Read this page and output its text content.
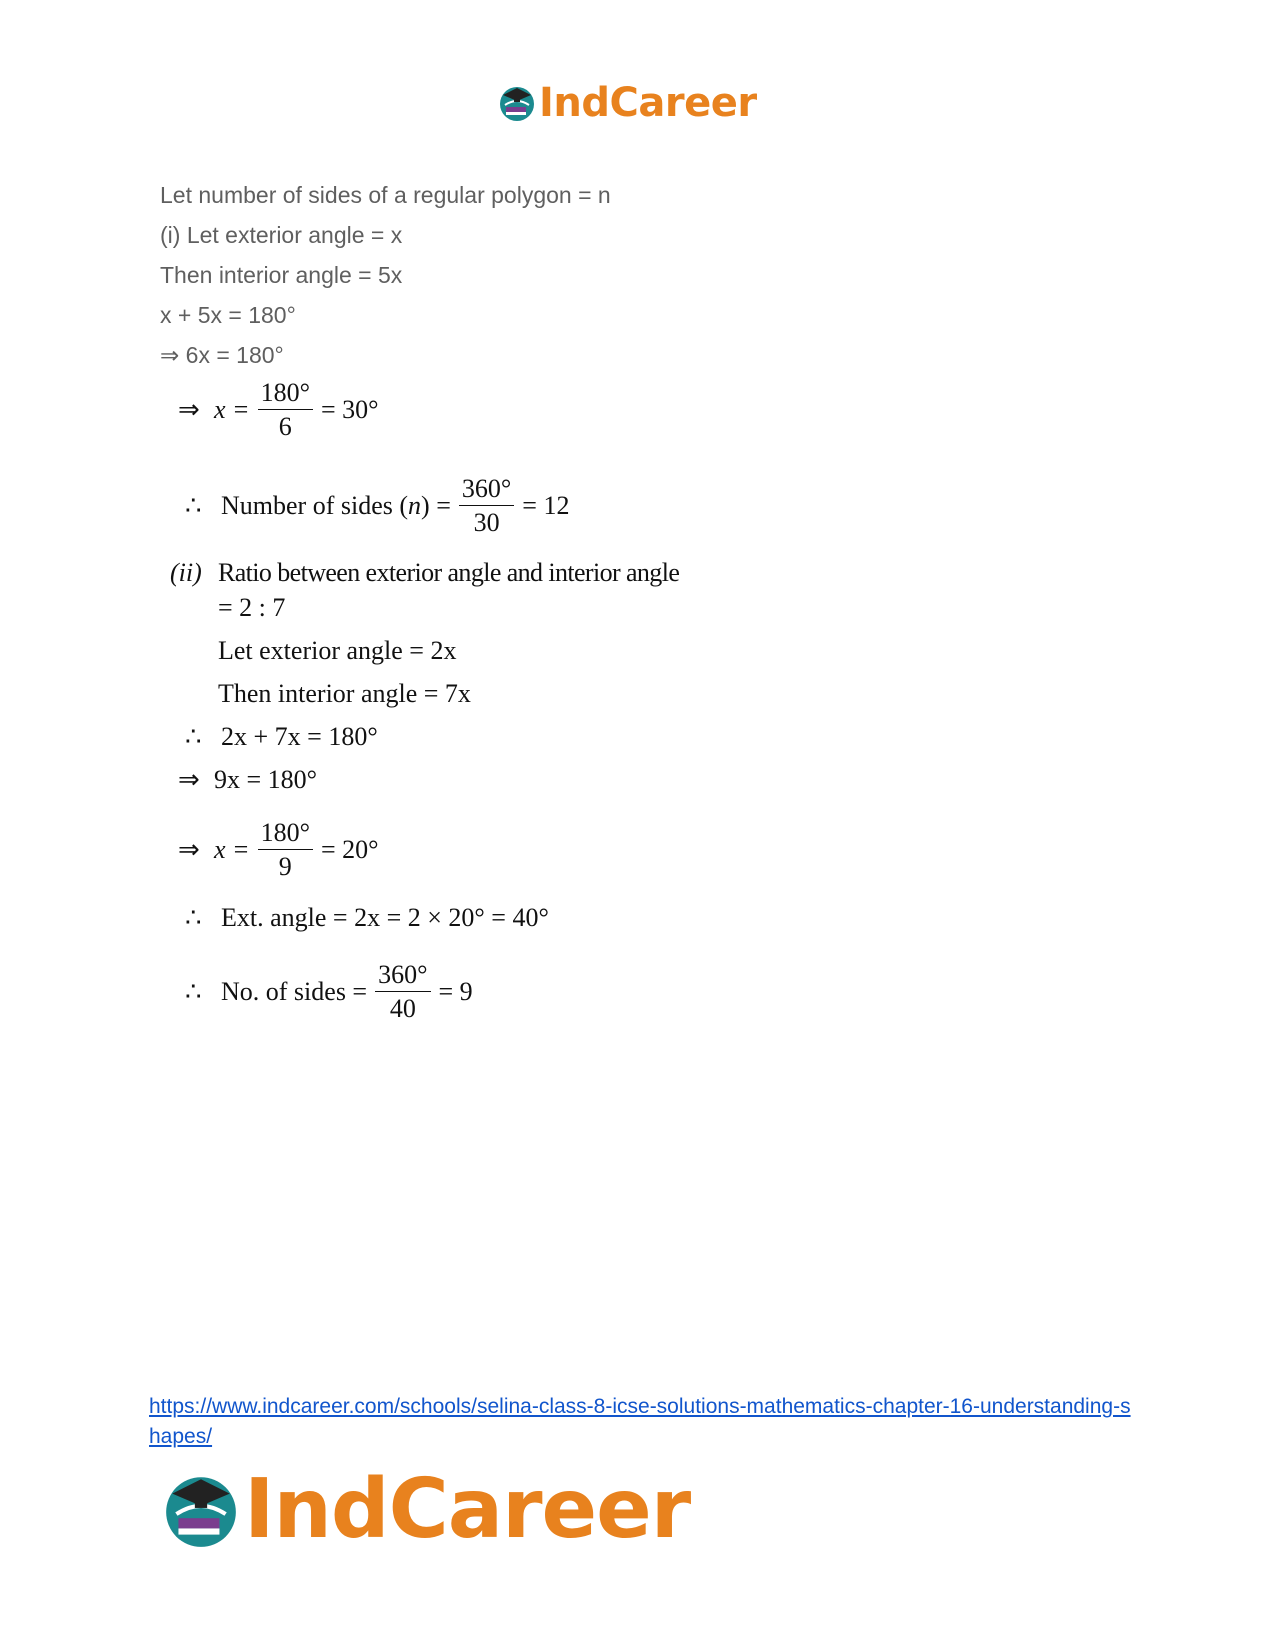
IndCareer
Let number of sides of a regular polygon = n
(i) Let exterior angle = x
Then interior angle = 5x
x + 5x = 180°
⇒ 6x = 180°
⇒ $x = \frac{180^\circ}{6} = 30^\circ$
∴ Number of sides ( n ) = $\frac{360^\circ}{30} = 12$
(ii) Ratio between exterior angle and interior angle
= 2 : 7
Let exterior angle = 2x
Then interior angle = 7x
∴ 2x + 7x = 180°
⇒ 9x = 180°
⇒ $x = \frac{180^\circ}{9} = 20^\circ$
∴ Ext. angle = 2x = 2 × 20° = 40°
∴ No. of sides = $\frac{360^\circ}{40} = 9$
https://www.indcareer.com/schools/selina-class-8-icse-solutions-mathematics-chapter-16-understanding-shapes/
IndCareer
